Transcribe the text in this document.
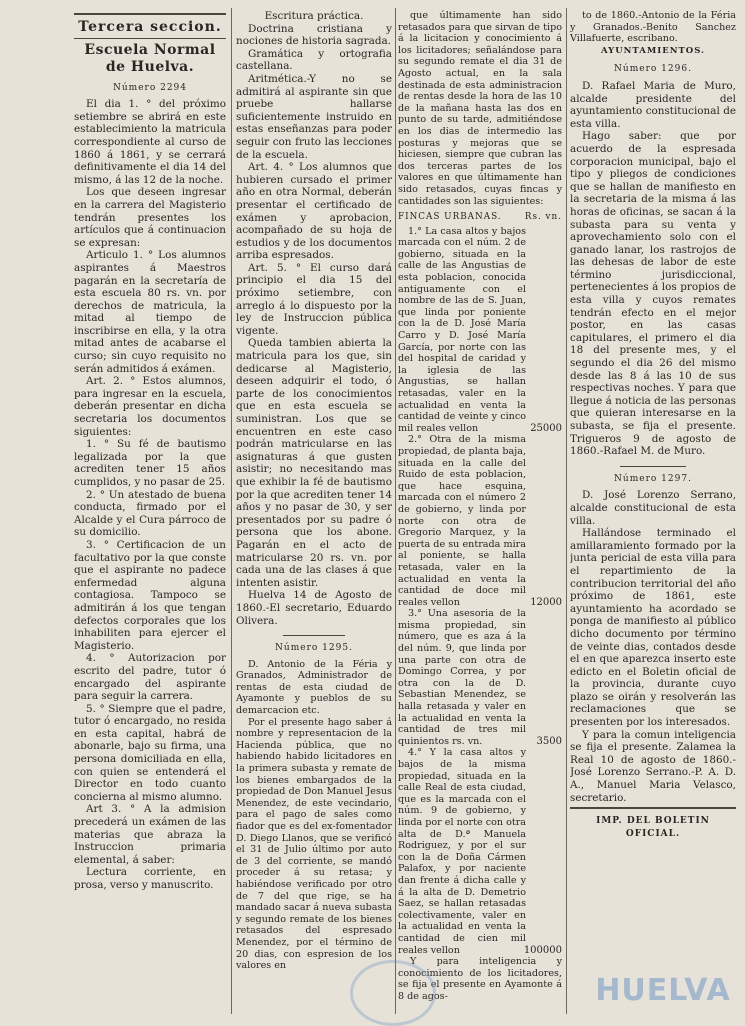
Tercera seccion.
Escuela Normal de Huelva.
Número 2294

El dia 1. ° del próximo setiembre se abrirá en este establecimiento la matricula correspondiente al curso de 1860 á 1861, y se cerrará definitivamente el dia 14 del mismo, á las 12 de la noche.

Los que deseen ingresar en la carrera del Magisterio tendrán presentes los artículos que á continuacion se expresan:

Articulo 1. ° Los alumnos aspirantes á Maestros pagarán en la secretaría de esta escuela 80 rs. vn. por derechos de matricula, la mitad al tiempo de inscribirse en ella, y la otra mitad antes de acabarse el curso; sin cuyo requisito no serán admitidos á exámen.

Art. 2. ° Estos alumnos, para ingresar en la escuela, deberán presentar en dicha secretaria los documentos siguientes:

1. ° Su fé de bautismo legalizada por la que acrediten tener 15 años cumplidos, y no pasar de 25.

2. ° Un atestado de buena conducta, firmado por el Alcalde y el Cura párroco de su domicilio.

3. ° Certificacion de un facultativo por la que conste que el aspirante no padece enfermedad alguna contagiosa. Tampoco se admitirán á los que tengan defectos corporales que los inhabiliten para ejercer el Magisterio.

4. ° Autorizacion por escrito del padre, tutor ó encargado del aspirante para seguir la carrera.

5. ° Siempre que el padre, tutor ó encargado, no resida en esta capital, habrá de abonarle, bajo su firma, una persona domiciliada en ella, con quien se entenderá el Director en todo cuanto concierna al mismo alumno.

Art 3. ° A la admision precederá un exámen de las materias que abraza la Instruccion primaria elemental, á saber:

Lectura corriente, en prosa, verso y manuscrito.

Escritura práctica.

Doctrina cristiana y nociones de historia sagrada.

Gramática y ortografia castellana.

Aritmética.-Y no se admitirá al aspirante sin que pruebe hallarse suficientemente instruido en estas enseñanzas para poder seguir con fruto las lecciones de la escuela.

Art. 4. ° Los alumnos que hubieren cursado el primer año en otra Normal, deberán presentar el certificado de exámen y aprobacion, acompañado de su hoja de estudios y de los documentos arriba espresados.

Art. 5. ° El curso dará principio el dia 15 del próximo setiembre, con arreglo á lo dispuesto por la ley de Instruccion pública vigente.

Queda tambien abierta la matricula para los que, sin dedicarse al Magisterio, deseen adquirir el todo, ó parte de los conocimientos que en esta escuela se suministran. Los que se encuentren en este caso podrán matricularse en las asignaturas á que gusten asistir; no necesitando mas que exhibir la fé de bautismo por la que acrediten tener 14 años y no pasar de 30, y ser presentados por su padre ó persona que los abone. Pagarán en el acto de matricularse 20 rs. vn. por cada una de las clases á que intenten asistir.

Huelva 14 de Agosto de 1860.-El secretario, Eduardo Olivera.

Número 1295.

D. Antonio de la Féria y Granados, Administrador de rentas de esta ciudad de Ayamonte y pueblos de su demarcacion etc.

Por el presente hago saber á nombre y representacion de la Hacienda pública, que no habiendo habido licitadores en la primera subasta y remate de los bienes embargados de la propiedad de Don Manuel Jesus Menendez, de este vecindario, para el pago de sales como fiador que es del ex-fomentador D. Diego Llanos, que se verificó el 31 de Julio último por auto de 3 del corriente, se mandó proceder á su retasa; y habiéndose verificado por otro de 7 del que rige, se ha mandado sacar á nueva subasta y segundo remate de los bienes retasados del espresado Menendez, por el término de 20 dias, con espresion de los valores en

que últimamente han sido retasados para que sirvan de tipo á la licitacion y conocimiento á los licitadores; señalándose para su segundo remate el dia 31 de Agosto actual, en la sala destinada de esta administracion de rentas desde la hora de las 10 de la mañana hasta las dos en punto de su tarde, admitiéndose en los dias de intermedio las posturas y mejoras que se hiciesen, siempre que cubran las dos terceras partes de los valores en que últimamente han sido retasados, cuyas fincas y cantidades son las siguientes:

FINCAS URBANAS.	Rs. vn.

1.° La casa altos y bajos marcada con el núm. 2 de gobierno, situada en la calle de las Angustias de esta poblacion, conocida antiguamente con el nombre de las de S. Juan, que linda por poniente con la de D. José María Carro y D. José María García, por norte con las del hospital de caridad y la iglesia de las Angustias, se hallan retasadas, valer en la actualidad en venta la cantidad de veinte y cinco mil reales vellon	25000

2.° Otra de la misma propiedad, de planta baja, situada en la calle del Ruido de esta poblacion, que hace esquina, marcada con el número 2 de gobierno, y linda por norte con otra de Gregorio Marquez, y la puerta de su entrada mira al poniente, se halla retasada, valer en la actualidad en venta la cantidad de doce mil reales vellon	12000

3.° Una asesoria de la misma propiedad, sin número, que es aza á la del núm. 9, que linda por una parte con otra de Domingo Correa, y por otra con la de D. Sebastian Menendez, se halla retasada y valer en la actualidad en venta la cantidad de tres mil quinientos rs. vn.	3500

4.° Y la casa altos y bajos de la misma propiedad, situada en la calle Real de esta ciudad, que es la marcada con el núm. 9 de gobierno, y linda por el norte con otra alta de D.ª Manuela Rodriguez, y por el sur con la de Doña Cármen Palafox, y por naciente dan frente á dicha calle y á la alta de D. Demetrio Saez, se hallan retasadas colectivamente, valer en la actualidad en venta la cantidad de cien mil reales vellon	100000

Y para inteligencia y conocimiento de los licitadores, se fija el presente en Ayamonte á 8 de agos-

to de 1860.-Antonio de la Féria y Granados.-Benito Sanchez Villafuerte, escribano.

AYUNTAMIENTOS.
Número 1296.

D. Rafael Maria de Muro, alcalde presidente del ayuntamiento constitucional de esta villa.

Hago saber: que por acuerdo de la espresada corporacion municipal, bajo el tipo y pliegos de condiciones que se hallan de manifiesto en la secretaria de la misma á las horas de oficinas, se sacan á la subasta para su venta y aprovechamiento solo con el ganado lanar, los rastrojos de las dehesas de labor de este término jurisdiccional, pertenecientes á los propios de esta villa y cuyos remates tendrán efecto en el mejor postor, en las casas capitulares, el primero el dia 18 del presente mes, y el segundo el dia 26 del mismo desde las 8 á las 10 de sus respectivas noches. Y para que llegue á noticia de las personas que quieran interesarse en la subasta, se fija el presente. Trigueros 9 de agosto de 1860.-Rafael M. de Muro.

Número 1297.

D. José Lorenzo Serrano, alcalde constitucional de esta villa.

Hallándose terminado el amillaramiento formado por la junta pericial de esta villa para el repartimiento de la contribucion territorial del año próximo de 1861, este ayuntamiento ha acordado se ponga de manifiesto al público dicho documento por término de veinte dias, contados desde el en que aparezca inserto este edicto en el Boletin oficial de la provincia, durante cuyo plazo se oirán y resolverán las reclamaciones que se presenten por los interesados.

Y para la comun inteligencia se fija el presente. Zalamea la Real 10 de agosto de 1860.-José Lorenzo Serrano.-P. A. D. A., Manuel Maria Velasco, secretario.

IMP. DEL BOLETIN OFICIAL.
HUELVA
